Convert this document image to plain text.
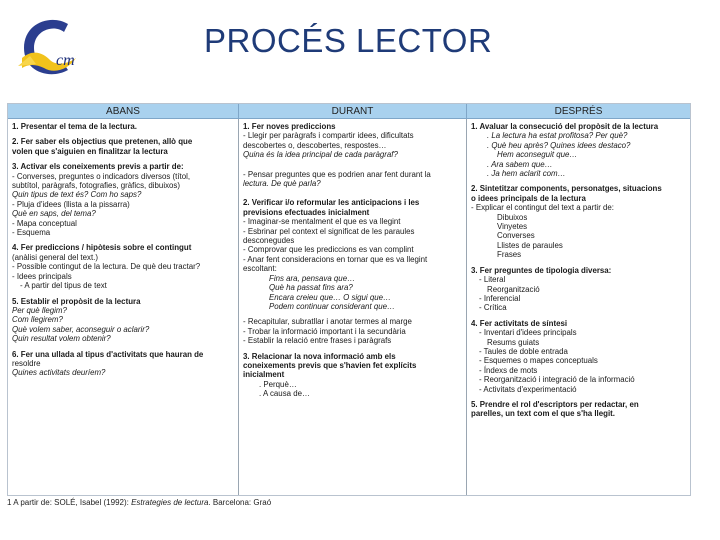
cm
PROCÉS LECTOR
ABANS	DURANT	DESPRÉS
1. Presentar el tema de la lectura.
2. Fer saber els objectius que pretenen, allò que
volen que s'aiguien en finalitzar la lectura
3. Activar els coneixements previs a partir de:
- Converses, preguntes o indicadors diversos (títol,
subtítol, paràgrafs, fotografies, gràfics, dibuixos)
Quin tipus de text és? Com ho saps?
- Pluja d'idees (llista a la pissarra)
Què en saps, del tema?
- Mapa conceptual
- Esquema
4. Fer prediccions / hipòtesis sobre el contingut
(anàlisi general del text.)
- Possible contingut de la lectura. De què deu tractar?
- Idees principals
- A partir del tipus de text
5. Establir el propòsit de la lectura
Per què llegim?
Com llegirem?
Què volem saber, aconseguir o aclarir?
Quin resultat volem obtenir?
6. Fer una ullada al tipus d'activitats que hauran de
resoldre
Quines activitats deuríem?
1. Fer noves prediccions
- Llegir per paràgrafs i compartir idees, dificultats
descobertes o, descobertes, respostes…
Quina és la idea principal de cada paràgraf?
- Pensar preguntes que es podrien anar fent durant la
lectura. De què parla?
2. Verificar i/o reformular les anticipacions i les
previsions efectuades inicialment
- Imaginar-se mentalment el que es va llegint
- Esbrinar pel context el significat de les paraules
desconegudes
- Comprovar que les prediccions es van complint
- Anar fent consideracions en tornar que es va llegint
escoltant:
Fins ara, pensava que…
Què ha passat fins ara?
Encara creieu que… O sigui que…
Podem continuar considerant que…
- Recapitular, subratllar i anotar termes al marge
- Trobar la informació important i la secundària
- Establir la relació entre frases i paràgrafs
3. Relacionar la nova informació amb els
coneixements previs que s'havien fet explícits
inicialment
. Perquè…
. A causa de…
1. Avaluar la consecució del propòsit de la lectura
. La lectura ha estat profitosa? Per què?
. Què heu après? Quines idees destaco?
Hem aconseguit que…
. Ara sabem que…
. Ja hem aclarit com…
2. Sintetitzar components, personatges, situacions
o idees principals de la lectura
- Explicar el contingut del text a partir de:
Dibuixos
Vinyetes
Converses
Llistes de paraules
Frases
3. Fer preguntes de tipologia diversa:
- Literal
Reorganització
- Inferencial
- Crítica
4. Fer activitats de síntesi
- Inventari d'idees principals
Resums guiats
- Taules de doble entrada
- Esquemes o mapes conceptuals
- Índexs de mots
- Reorganització i integració de la informació
- Activitats d'experimentació
5. Prendre el rol d'escriptors per redactar, en
parelles, un text com el que s'ha llegit.
1 A partir de: SOLÉ, Isabel (1992): Estrategies de lectura. Barcelona: Graó
